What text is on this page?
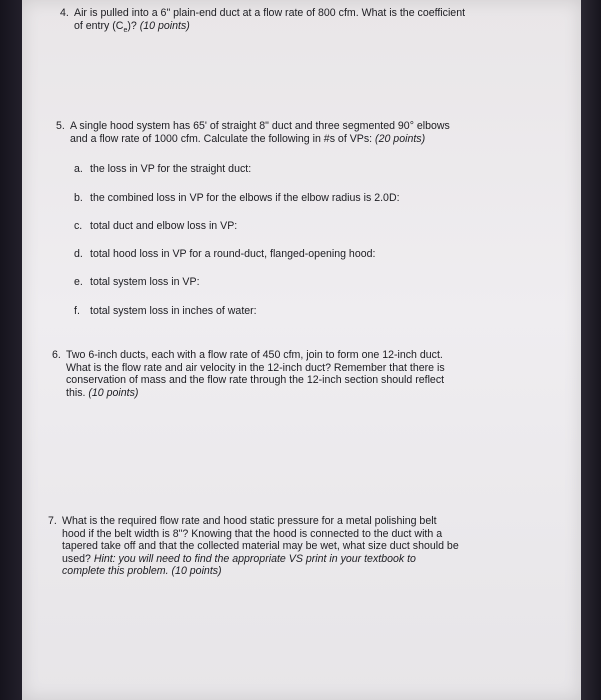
4. Air is pulled into a 6" plain-end duct at a flow rate of 800 cfm. What is the coefficient
of entry $(C_e)$? (10 points)
5. A single hood system has 65' of straight 8" duct and three segmented 90° elbows
and a flow rate of 1000 cfm. Calculate the following in #s of VPs: (20 points)
a. the loss in VP for the straight duct:
b. the combined loss in VP for the elbows if the elbow radius is 2.0D:
c. total duct and elbow loss in VP:
d. total hood loss in VP for a round-duct, flanged-opening hood:
e. total system loss in VP:
f. total system loss in inches of water:
6. Two 6-inch ducts, each with a flow rate of 450 cfm, join to form one 12-inch duct.
What is the flow rate and air velocity in the 12-inch duct? Remember that there is
conservation of mass and the flow rate through the 12-inch section should reflect
this. (10 points)
7. What is the required flow rate and hood static pressure for a metal polishing belt
hood if the belt width is 8"? Knowing that the hood is connected to the duct with a
tapered take off and that the collected material may be wet, what size duct should be
used? Hint: you will need to find the appropriate VS print in your textbook to
complete this problem. (10 points)
